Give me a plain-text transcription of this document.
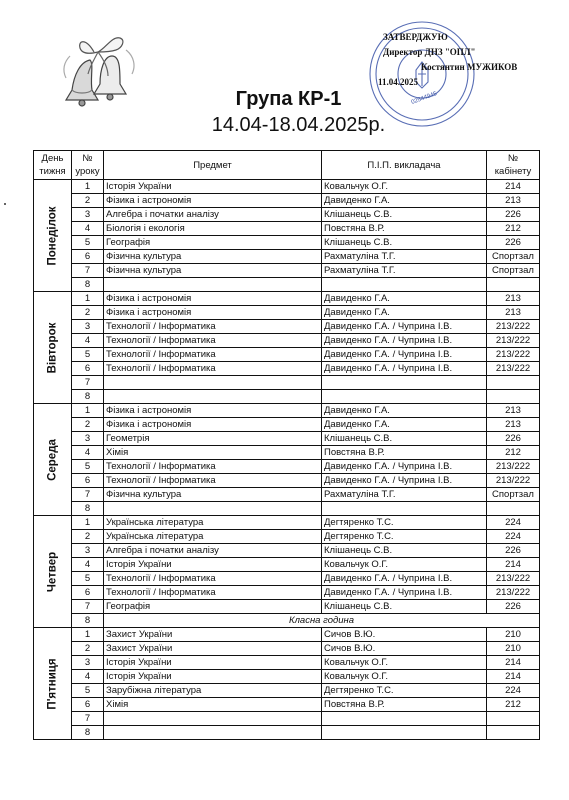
02544945
ЗАТВЕРДЖУЮ
Директор ДНЗ "ОПЛ"
Костянтин МУЖИКОВ
11.04.2025
Група КР-1
14.04-18.04.2025р.
День тижня	№ уроку	Предмет	П.І.П. викладача	№ кабінету

Понеділок	1	Історія України	Ковальчук О.Г.	214
	2	Фізика і астрономія	Давиденко Г.А.	213
	3	Алгебра і початки аналізу	Клішанець С.В.	226
	4	Біологія і екологія	Повстяна В.Р.	212
	5	Географія	Клішанець С.В.	226
	6	Фізична культура	Рахматуліна Т.Г.	Спортзал
	7	Фізична культура	Рахматуліна Т.Г.	Спортзал
	8			

Вівторок	1	Фізика і астрономія	Давиденко Г.А.	213
	2	Фізика і астрономія	Давиденко Г.А.	213
	3	Технології / Інформатика	Давиденко Г.А. / Чуприна І.В.	213/222
	4	Технології / Інформатика	Давиденко Г.А. / Чуприна І.В.	213/222
	5	Технології / Інформатика	Давиденко Г.А. / Чуприна І.В.	213/222
	6	Технології / Інформатика	Давиденко Г.А. / Чуприна І.В.	213/222
	7			
	8			

Середа	1	Фізика і астрономія	Давиденко Г.А.	213
	2	Фізика і астрономія	Давиденко Г.А.	213
	3	Геометрія	Клішанець С.В.	226
	4	Хімія	Повстяна В.Р.	212
	5	Технології / Інформатика	Давиденко Г.А. / Чуприна І.В.	213/222
	6	Технології / Інформатика	Давиденко Г.А. / Чуприна І.В.	213/222
	7	Фізична культура	Рахматуліна Т.Г.	Спортзал
	8			

Четвер	1	Українська література	Дегтяренко Т.С.	224
	2	Українська література	Дегтяренко Т.С.	224
	3	Алгебра і початки аналізу	Клішанець С.В.	226
	4	Історія України	Ковальчук О.Г.	214
	5	Технології / Інформатика	Давиденко Г.А. / Чуприна І.В.	213/222
	6	Технології / Інформатика	Давиденко Г.А. / Чуприна І.В.	213/222
	7	Географія	Клішанець С.В.	226
	8	Класна година		

П'ятниця	1	Захист України	Сичов В.Ю.	210
	2	Захист України	Сичов В.Ю.	210
	3	Історія України	Ковальчук О.Г.	214
	4	Історія України	Ковальчук О.Г.	214
	5	Зарубіжна література	Дегтяренко Т.С.	224
	6	Хімія	Повстяна В.Р.	212
	7			
	8			
